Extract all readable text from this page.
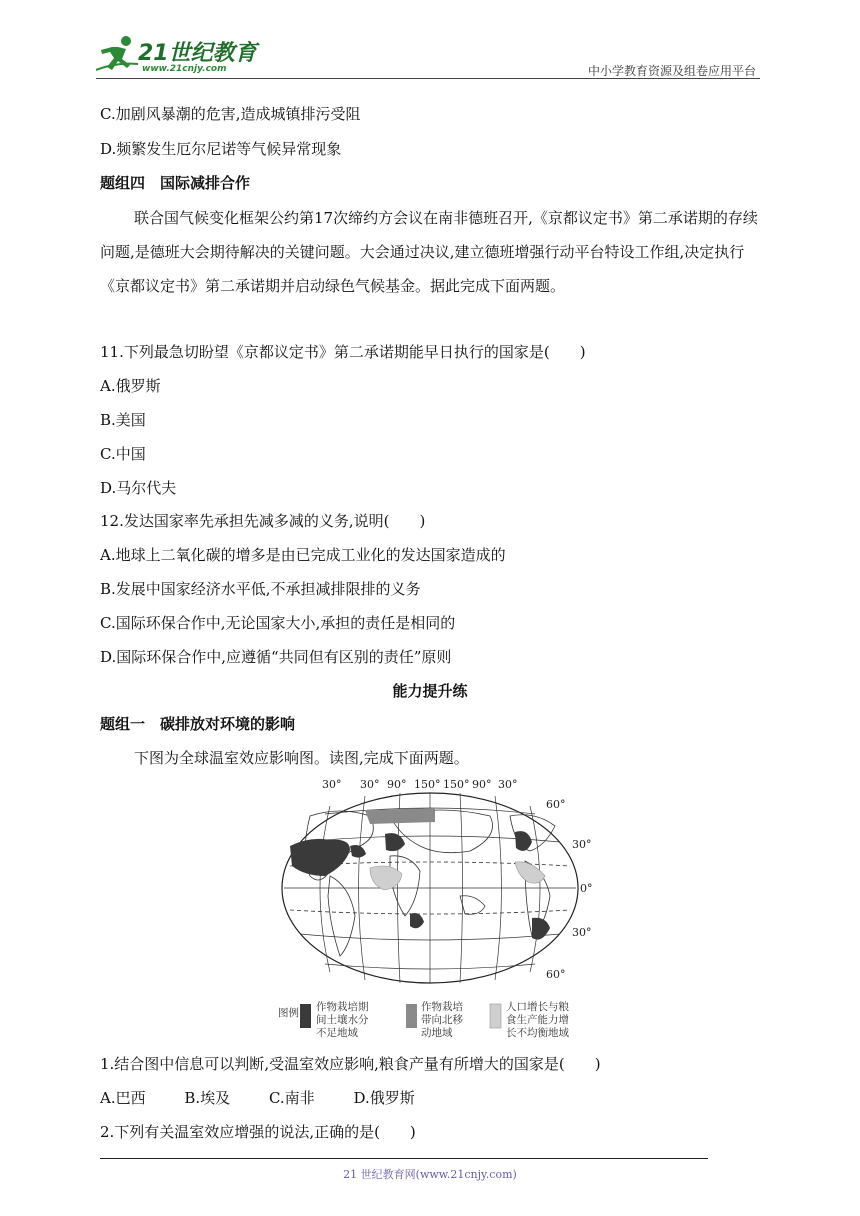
21世纪教育
www.21cnjy.com	中小学教育资源及组卷应用平台
C.加剧风暴潮的危害,造成城镇排污受阻
D.频繁发生厄尔尼诺等气候异常现象
题组四　国际减排合作
联合国气候变化框架公约第17次缔约方会议在南非德班召开,《京都议定书》第二承诺期的存续问题,是德班大会期待解决的关键问题。大会通过决议,建立德班增强行动平台特设工作组,决定执行《京都议定书》第二承诺期并启动绿色气候基金。据此完成下面两题。
11.下列最急切盼望《京都议定书》第二承诺期能早日执行的国家是(　　)
A.俄罗斯
B.美国
C.中国
D.马尔代夫
12.发达国家率先承担先减多减的义务,说明(　　)
A.地球上二氧化碳的增多是由已完成工业化的发达国家造成的
B.发展中国家经济水平低,不承担减排限排的义务
C.国际环保合作中,无论国家大小,承担的责任是相同的
D.国际环保合作中,应遵循“共同但有区别的责任”原则
能力提升练
题组一　碳排放对环境的影响
下图为全球温室效应影响图。读图,完成下面两题。
30° 30° 90° 150° 150° 90° 30°
60°
30°
0°
30°
60°
图例 作物栽培期
间土壤水分
不足地域
作物栽培
带向北移
动地域
人口增长与粮
食生产能力增
长不均衡地域
1.结合图中信息可以判断,受温室效应影响,粮食产量有所增大的国家是(　　)
A.巴西	B.埃及	C.南非	D.俄罗斯
2.下列有关温室效应增强的说法,正确的是(　　)
21 世纪教育网(www.21cnjy.com)
